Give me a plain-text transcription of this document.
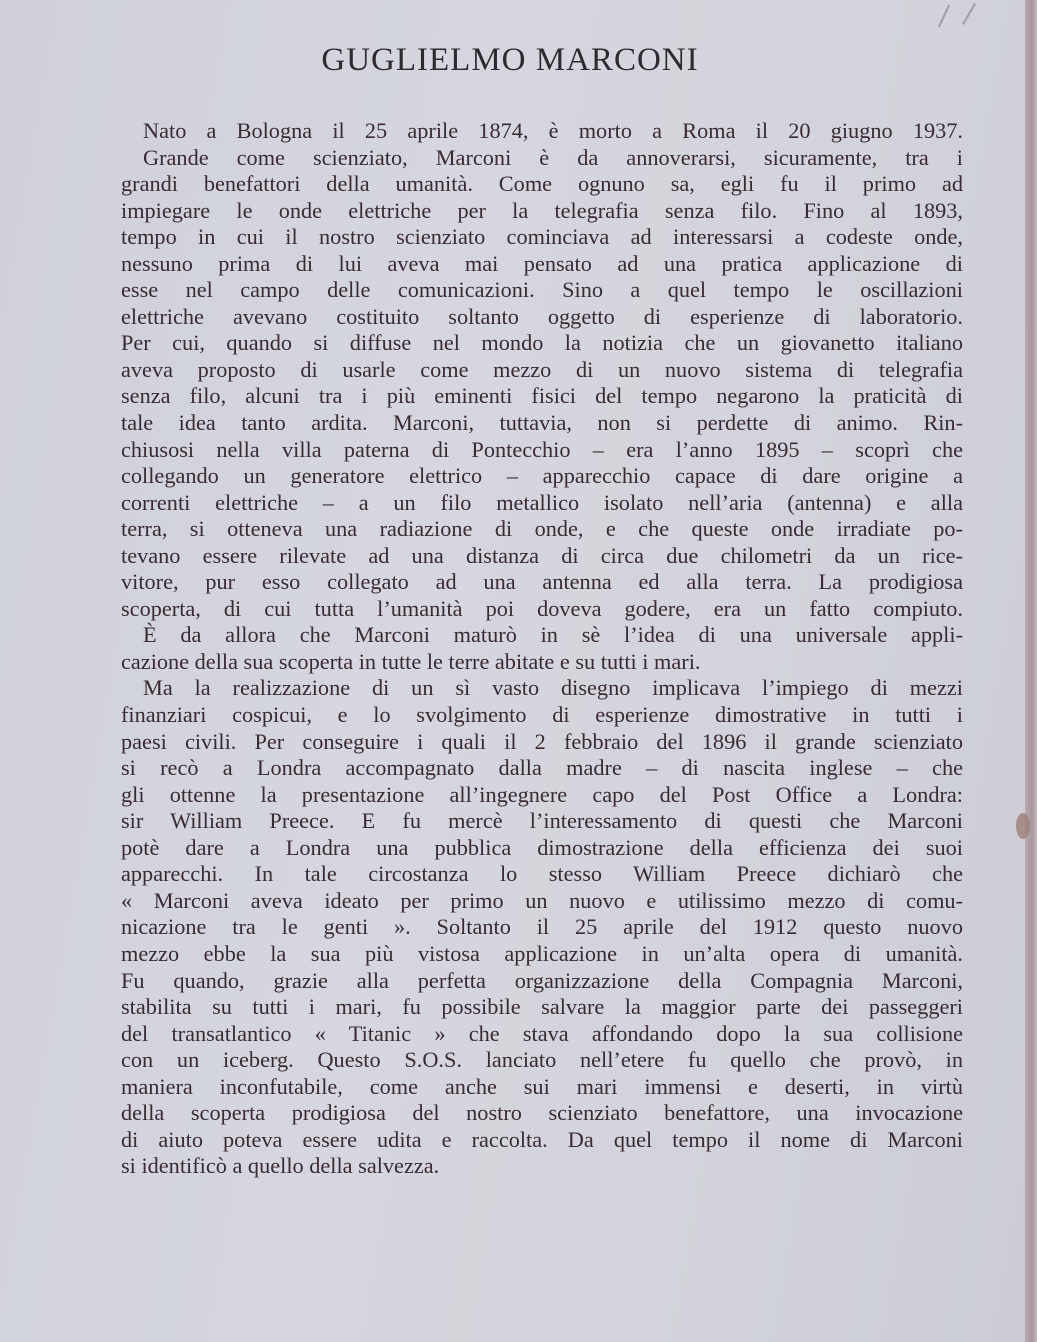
GUGLIELMO MARCONI
Nato a Bologna il 25 aprile 1874, è morto a Roma il 20 giugno 1937.
Grande come scienziato, Marconi è da annoverarsi, sicuramente, tra i
grandi benefattori della umanità. Come ognuno sa, egli fu il primo ad
impiegare le onde elettriche per la telegrafia senza filo. Fino al 1893,
tempo in cui il nostro scienziato cominciava ad interessarsi a codeste onde,
nessuno prima di lui aveva mai pensato ad una pratica applicazione di
esse nel campo delle comunicazioni. Sino a quel tempo le oscillazioni
elettriche avevano costituito soltanto oggetto di esperienze di laboratorio.
Per cui, quando si diffuse nel mondo la notizia che un giovanetto italiano
aveva proposto di usarle come mezzo di un nuovo sistema di telegrafia
senza filo, alcuni tra i più eminenti fisici del tempo negarono la praticità di
tale idea tanto ardita. Marconi, tuttavia, non si perdette di animo. Rin-
chiusosi nella villa paterna di Pontecchio – era l’anno 1895 – scoprì che
collegando un generatore elettrico – apparecchio capace di dare origine a
correnti elettriche – a un filo metallico isolato nell’aria (antenna) e alla
terra, si otteneva una radiazione di onde, e che queste onde irradiate po-
tevano essere rilevate ad una distanza di circa due chilometri da un rice-
vitore, pur esso collegato ad una antenna ed alla terra. La prodigiosa
scoperta, di cui tutta l’umanità poi doveva godere, era un fatto compiuto.
È da allora che Marconi maturò in sè l’idea di una universale appli-
cazione della sua scoperta in tutte le terre abitate e su tutti i mari.
Ma la realizzazione di un sì vasto disegno implicava l’impiego di mezzi
finanziari cospicui, e lo svolgimento di esperienze dimostrative in tutti i
paesi civili. Per conseguire i quali il 2 febbraio del 1896 il grande scienziato
si recò a Londra accompagnato dalla madre – di nascita inglese – che
gli ottenne la presentazione all’ingegnere capo del Post Office a Londra:
sir William Preece. E fu mercè l’interessamento di questi che Marconi
potè dare a Londra una pubblica dimostrazione della efficienza dei suoi
apparecchi. In tale circostanza lo stesso William Preece dichiarò che
« Marconi aveva ideato per primo un nuovo e utilissimo mezzo di comu-
nicazione tra le genti ». Soltanto il 25 aprile del 1912 questo nuovo
mezzo ebbe la sua più vistosa applicazione in un’alta opera di umanità.
Fu quando, grazie alla perfetta organizzazione della Compagnia Marconi,
stabilita su tutti i mari, fu possibile salvare la maggior parte dei passeggeri
del transatlantico « Titanic » che stava affondando dopo la sua collisione
con un iceberg. Questo S.O.S. lanciato nell’etere fu quello che provò, in
maniera inconfutabile, come anche sui mari immensi e deserti, in virtù
della scoperta prodigiosa del nostro scienziato benefattore, una invocazione
di aiuto poteva essere udita e raccolta. Da quel tempo il nome di Marconi
si identificò a quello della salvezza.
